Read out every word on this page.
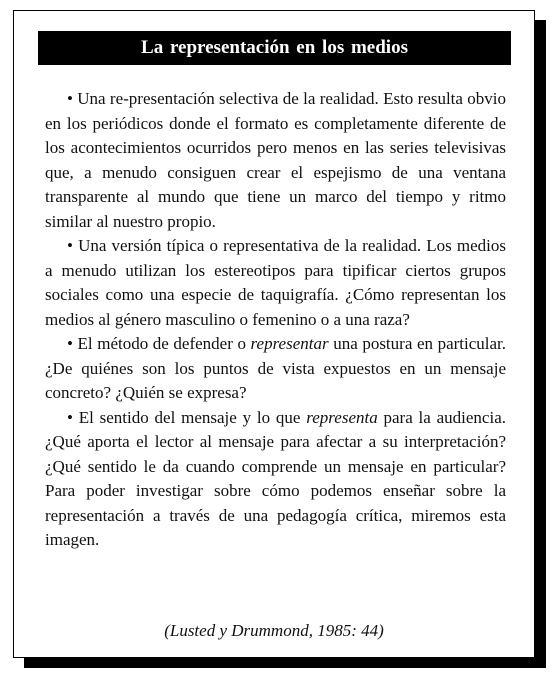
La representación en los medios

• Una re-presentación selectiva de la realidad. Esto resulta obvio en los periódicos donde el formato es completamente diferente de los acontecimientos ocurridos pero menos en las series televisivas que, a menudo consiguen crear el espejismo de una ventana transparente al mundo que tiene un marco del tiempo y ritmo similar al nuestro propio.

• Una versión típica o representativa de la realidad. Los medios a menudo utilizan los estereotipos para tipificar ciertos grupos sociales como una especie de taquigrafía. ¿Cómo representan los medios al género masculino o femenino o a una raza?

• El método de defender o representar una postura en particular. ¿De quiénes son los puntos de vista expuestos en un mensaje concreto? ¿Quién se expresa?

• El sentido del mensaje y lo que representa para la audiencia. ¿Qué aporta el lector al mensaje para afectar a su interpretación? ¿Qué sentido le da cuando comprende un mensaje en particular? Para poder investigar sobre cómo podemos enseñar sobre la representación a través de una pedagogía crítica, miremos esta imagen.

(Lusted y Drummond, 1985: 44)
